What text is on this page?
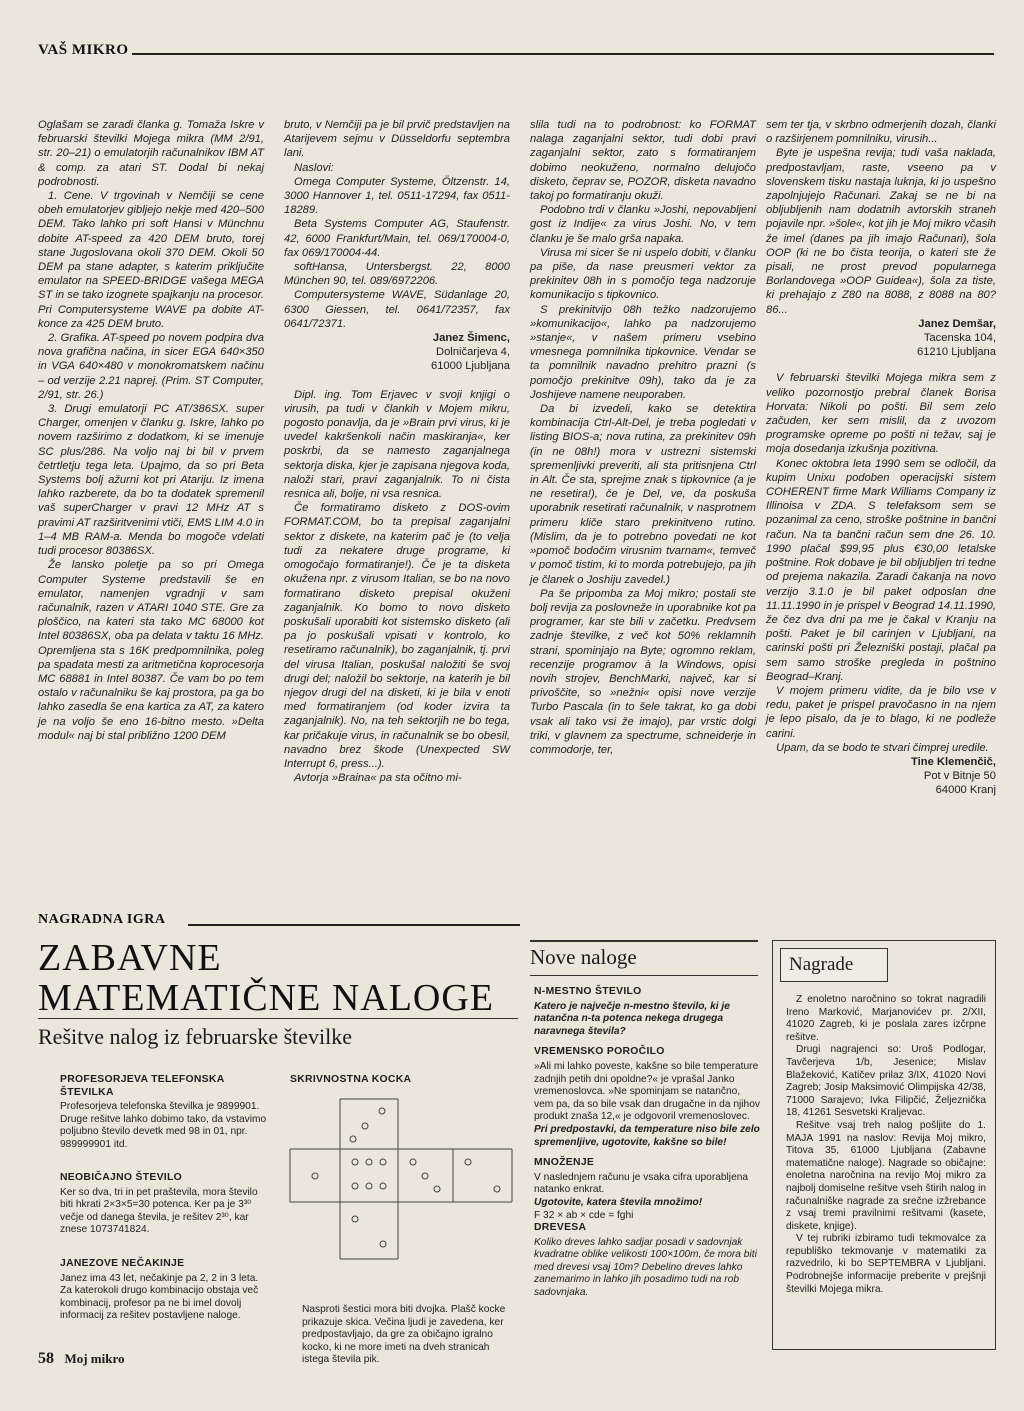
VAŠ MIKRO

Oglašam se zaradi članka g. Tomaža Iskre v februarski številki Mojega mikra (MM 2/91, str. 20–21) o emulatorjih računalnikov IBM AT & comp. za atari ST. Dodal bi nekaj podrobnosti.

1. Cene. V trgovinah v Nemčiji se cene obeh emulatorjev gibljejo nekje med 420–500 DEM. Tako lahko pri soft Hansi v Münchnu dobite AT-speed za 420 DEM bruto, torej stane Jugoslovana okoli 370 DEM. Okoli 50 DEM pa stane adapter, s katerim priključite emulator na SPEED-BRIDGE vašega MEGA ST in se tako izognete spajkanju na procesor. Pri Computersysteme WAVE pa dobite AT-konce za 425 DEM bruto.

2. Grafika. AT-speed po novem podpira dva nova grafična načina, in sicer EGA 640×350 in VGA 640×480 v monokromatskem načinu – od verzije 2.21 naprej. (Prim. ST Computer, 2/91, str. 26.)

3. Drugi emulatorji PC AT/386SX. super Charger, omenjen v članku g. Iskre, lahko po novem razširimo z dodatkom, ki se imenuje SC plus/286. Na voljo naj bi bil v prvem četrtletju tega leta. Upajmo, da so pri Beta Systems bolj ažurni kot pri Atariju. Iz imena lahko razberete, da bo ta dodatek spremenil vaš superCharger v pravi 12 MHz AT s pravimi AT razširitvenimi vtiči, EMS LIM 4.0 in 1–4 MB RAM-a. Menda bo mogoče vdelati tudi procesor 80386SX.

Že lansko poletje pa so pri Omega Computer Systeme predstavili še en emulator, namenjen vgradnji v sam računalnik, razen v ATARI 1040 STE. Gre za ploščico, na kateri sta tako MC 68000 kot Intel 80386SX, oba pa delata v taktu 16 MHz. Opremljena sta s 16K predpomnilnika, poleg pa spadata mesti za aritmetična koprocesorja MC 68881 in Intel 80387. Če vam bo po tem ostalo v računalniku še kaj prostora, pa ga bo lahko zasedla še ena kartica za AT, za katero je na voljo še eno 16-bitno mesto. »Delta modul« naj bi stal približno 1200 DEM

bruto, v Nemčiji pa je bil prvič predstavljen na Atarijevem sejmu v Düsseldorfu septembra lani.

Naslovi:

Omega Computer Systeme, Öltzenstr. 14, 3000 Hannover 1, tel. 0511-17294, fax 0511-18289.

Beta Systems Computer AG, Staufenstr. 42, 6000 Frankfurt/Main, tel. 069/170004-0, fax 069/170004-44.

softHansa, Untersbergst. 22, 8000 München 90, tel. 089/6972206.

Computersysteme WAVE, Südanlage 20, 6300 Giessen, tel. 0641/72357, fax 0641/72371.

Janez Šimenc,

Dolničarjeva 4,

61000 Ljubljana

Dipl. ing. Tom Erjavec v svoji knjigi o virusih, pa tudi v člankih v Mojem mikru, pogosto ponavlja, da je »Brain prvi virus, ki je uvedel kakršenkoli način maskiranja«, ker poskrbi, da se namesto zaganjalnega sektorja diska, kjer je zapisana njegova koda, naloži stari, pravi zaganjalnik. To ni čista resnica ali, bolje, ni vsa resnica.

Če formatiramo disketo z DOS-ovim FORMAT.COM, bo ta prepisal zaganjalni sektor z diskete, na katerim pač je (to velja tudi za nekatere druge programe, ki omogočajo formatiranje!). Če je ta disketa okužena npr. z virusom Italian, se bo na novo formatirano disketo prepisal okuženi zaganjalnik. Ko bomo to novo disketo poskušali uporabiti kot sistemsko disketo (ali pa jo poskušali vpisati v kontrolo, ko resetiramo računalnik), bo zaganjalnik, tj. prvi del virusa Italian, poskušal naložiti še svoj drugi del; naložil bo sektorje, na katerih je bil njegov drugi del na disketi, ki je bila v enoti med formatiranjem (od koder izvira ta zaganjalnik). No, na teh sektorjih ne bo tega, kar pričakuje virus, in računalnik se bo obesil, navadno brez škode (Unexpected SW Interrupt 6, press...).

Avtorja »Braina« pa sta očitno mi-

slila tudi na to podrobnost: ko FORMAT nalaga zaganjalni sektor, tudi dobi pravi zaganjalni sektor, zato s formatiranjem dobimo neokuženo, normalno delujočo disketo, čeprav se, POZOR, disketa navadno takoj po formatiranju okuži.

Podobno trdi v članku »Joshi, nepovabljeni gost iz Indije« za virus Joshi. No, v tem članku je še malo grša napaka.

Virusa mi sicer še ni uspelo dobiti, v članku pa piše, da nase preusmeri vektor za prekinitev 08h in s pomočjo tega nadzoruje komunikacijo s tipkovnico.

S prekinitvijo 08h težko nadzorujemo »komunikacijo«, lahko pa nadzorujemo »stanje«, v našem primeru vsebino vmesnega pomnilnika tipkovnice. Vendar se ta pomnilnik navadno prehitro prazni (s pomočjo prekinitve 09h), tako da je za Joshijeve namene neuporaben.

Da bi izvedeli, kako se detektira kombinacija Ctrl-Alt-Del, je treba pogledati v listing BIOS-a; nova rutina, za prekinitev 09h (in ne 08h!) mora v ustrezni sistemski spremenljivki preveriti, ali sta pritisnjena Ctrl in Alt. Če sta, sprejme znak s tipkovnice (a je ne resetira!), če je Del, ve, da poskuša uporabnik resetirati računalnik, v nasprotnem primeru kliče staro prekinitveno rutino. (Mislim, da je to potrebno povedati ne kot »pomoč bodočim virusnim tvarnam«, temveč v pomoč tistim, ki to morda potrebujejo, pa jih je članek o Joshiju zavedel.)

Pa še pripomba za Moj mikro; postali ste bolj revija za poslovneže in uporabnike kot pa programer, kar ste bili v začetku. Predvsem zadnje številke, z več kot 50% reklamnih strani, spominjajo na Byte; ogromno reklam, recenzije programov à la Windows, opisi novih strojev, BenchMarki, največ, kar si privoščite, so »nežni« opisi nove verzije Turbo Pascala (in to šele takrat, ko ga dobi vsak ali tako vsi že imajo), par vrstic dolgi triki, v glavnem za spectrume, schneiderje in commodorje, ter,

sem ter tja, v skrbno odmerjenih dozah, članki o razširjenem pomnilniku, virusih...

Byte je uspešna revija; tudi vaša naklada, predpostavljam, raste, vseeno pa v slovenskem tisku nastaja luknja, ki jo uspešno zapolnjujejo Računari. Zakaj se ne bi na obljubljenih nam dodatnih avtorskih straneh pojavile npr. »šole«, kot jih je Moj mikro včasih že imel (danes pa jih imajo Računari), šola OOP (ki ne bo čista teorija, o kateri ste že pisali, ne prost prevod popularnega Borlandovega »OOP Guidea«), šola za tiste, ki prehajajo z Z80 na 8088, z 8088 na 80?86...

Janez Demšar,

Tacenska 104,

61210 Ljubljana

V februarski številki Mojega mikra sem z veliko pozornostjo prebral članek Borisa Horvata: Nikoli po pošti. Bil sem zelo začuden, ker sem mislil, da z uvozom programske opreme po pošti ni težav, saj je moja dosedanja izkušnja pozitivna.

Konec oktobra leta 1990 sem se odločil, da kupim Unixu podoben operacijski sistem COHERENT firme Mark Williams Company iz Illinoisa v ZDA. S telefaksom sem se pozanimal za ceno, stroške poštnine in bančni račun. Na ta bančni račun sem dne 26. 10. 1990 plačal $99,95 plus €30,00 letalske poštnine. Rok dobave je bil obljubljen tri tedne od prejema nakazila. Zaradi čakanja na novo verzijo 3.1.0 je bil paket odposlan dne 11.11.1990 in je prispel v Beograd 14.11.1990, že čez dva dni pa me je čakal v Kranju na pošti. Paket je bil carinjen v Ljubljani, na carinski pošti pri Železniški postaji, plačal pa sem samo stroške pregleda in poštnino Beograd–Kranj.

V mojem primeru vidite, da je bilo vse v redu, paket je prispel pravočasno in na njem je lepo pisalo, da je to blago, ki ne podleže carini.

Upam, da se bodo te stvari čimprej uredile.

Tine Klemenčič,

Pot v Bitnje 50

64000 Kranj

NAGRADNA IGRA

ZABAVNE

MATEMATIČNE NALOGE

Rešitve nalog iz februarske številke
PROFESORJEVA TELEFONSKA ŠTEVILKA

Profesorjeva telefonska številka je 9899901. Druge rešitve lahko dobimo tako, da vstavimo poljubno število devetk med 98 in 01, npr. 989999901 itd.

NEOBIČAJNO ŠTEVILO

Ker so dva, tri in pet praštevila, mora število biti hkrati 2×3×5=30 potenca. Ker pa je 3³⁰ večje od danega števila, je rešitev 2³⁰, kar znese 1073741824.

JANEZOVE NEČAKINJE

Janez ima 43 let, nečakinje pa 2, 2 in 3 leta. Za katerokoli drugo kombinacijo obstaja več kombinacij, profesor pa ne bi imel dovolj informacij za rešitev postavljene naloge.

SKRIVNOSTNA KOCKA
Nasproti šestici mora biti dvojka. Plašč kocke prikazuje skica. Večina ljudi je zavedena, ker predpostavljajo, da gre za običajno igralno kocko, ki ne more imeti na dveh stranicah istega števila pik.
Nove naloge
N-MESTNO ŠTEVILO

Katero je največje n-mestno število, ki je natančna n-ta potenca nekega drugega naravnega števila?

VREMENSKO POROČILO

»Ali mi lahko poveste, kakšne so bile temperature zadnjih petih dni opoldne?« je vprašal Janko vremenoslovca. »Ne spominjam se natančno, vem pa, da so bile vsak dan drugačne in da njihov produkt znaša 12,« je odgovoril vremenoslovec.

Pri predpostavki, da temperature niso bile zelo spremenljive, ugotovite, kakšne so bile!

MNOŽENJE

V naslednjem računu je vsaka cifra uporabljena natanko enkrat.

Ugotovite, katera števila množimo!

F 32 × ab × cde = fghi

DREVESA

Koliko dreves lahko sadjar posadi v sadovnjak kvadratne oblike velikosti 100×100m, če mora biti med drevesi vsaj 10m? Debelino dreves lahko zanemarimo in lahko jih posadimo tudi na rob sadovnjaka.

Nagrade

Z enoletno naročnino so tokrat nagradili Ireno Marković, Marjanovićev pr. 2/XII, 41020 Zagreb, ki je poslala zares izčrpne rešitve.

Drugi nagrajenci so: Uroš Podlogar, Tavčerjeva 1/b, Jesenice; Mislav Blažeković, Katičev prilaz 3/IX, 41020 Novi Zagreb; Josip Maksimović Olimpijska 42/38, 71000 Sarajevo; Ivka Filipčić, Željeznička 18, 41261 Sesvetski Kraljevac.

Rešitve vsaj treh nalog pošljite do 1. MAJA 1991 na naslov: Revija Moj mikro, Titova 35, 61000 Ljubljana (Zabavne matematične naloge). Nagrade so običajne: enoletna naročnina na revijo Moj mikro za najbolj domiselne rešitve vseh štirih nalog in računalniške nagrade za srečne izžrebance z vsaj tremi pravilnimi rešitvami (kasete, diskete, knjige).

V tej rubriki izbiramo tudi tekmovalce za republiško tekmovanje v matematiki za razvedrilo, ki bo SEPTEMBRA v Ljubljani. Podrobnejše informacije preberite v prejšnji številki Mojega mikra.

58 Moj mikro
